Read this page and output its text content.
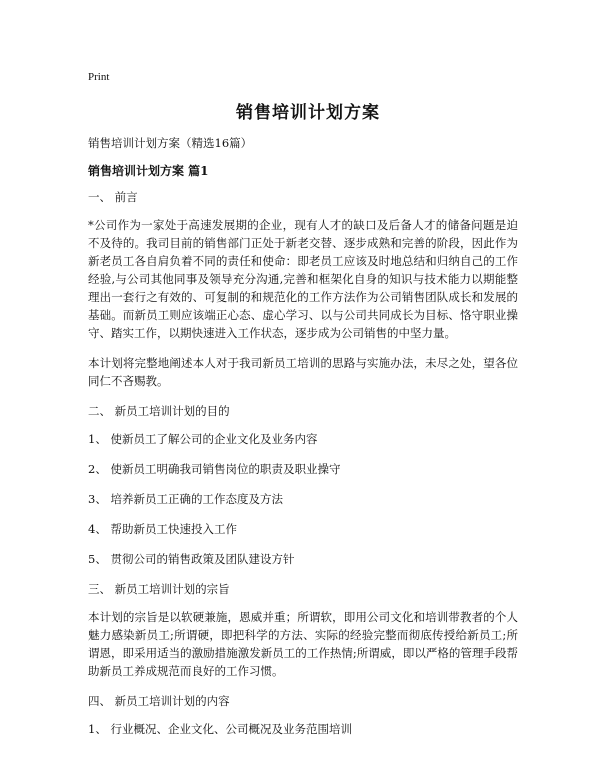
Print
销售培训计划方案

销售培训计划方案（精选16篇）

销售培训计划方案 篇1

一、 前言

*公司作为一家处于高速发展期的企业，现有人才的缺口及后备人才的储备问题是迫不及待的。我司目前的销售部门正处于新老交替、逐步成熟和完善的阶段，因此作为新老员工各自肩负着不同的责任和使命：即老员工应该及时地总结和归纳自己的工作经验,与公司其他同事及领导充分沟通,完善和框架化自身的知识与技术能力以期能整理出一套行之有效的、可复制的和规范化的工作方法作为公司销售团队成长和发展的基础。而新员工则应该端正心态、虚心学习、以与公司共同成长为目标、恪守职业操守、踏实工作，以期快速进入工作状态，逐步成为公司销售的中坚力量。

本计划将完整地阐述本人对于我司新员工培训的思路与实施办法，未尽之处，望各位同仁不吝赐教。

二、 新员工培训计划的目的

1、 使新员工了解公司的企业文化及业务内容

2、 使新员工明确我司销售岗位的职责及职业操守

3、 培养新员工正确的工作态度及方法

4、 帮助新员工快速投入工作

5、 贯彻公司的销售政策及团队建设方针

三、 新员工培训计划的宗旨

本计划的宗旨是以软硬兼施，恩威并重；所谓软，即用公司文化和培训带教者的个人魅力感染新员工;所谓硬，即把科学的方法、实际的经验完整而彻底传授给新员工;所谓恩，即采用适当的激励措施激发新员工的工作热情;所谓威，即以严格的管理手段帮助新员工养成规范而良好的工作习惯。

四、 新员工培训计划的内容

1、 行业概况、企业文化、公司概况及业务范围培训
